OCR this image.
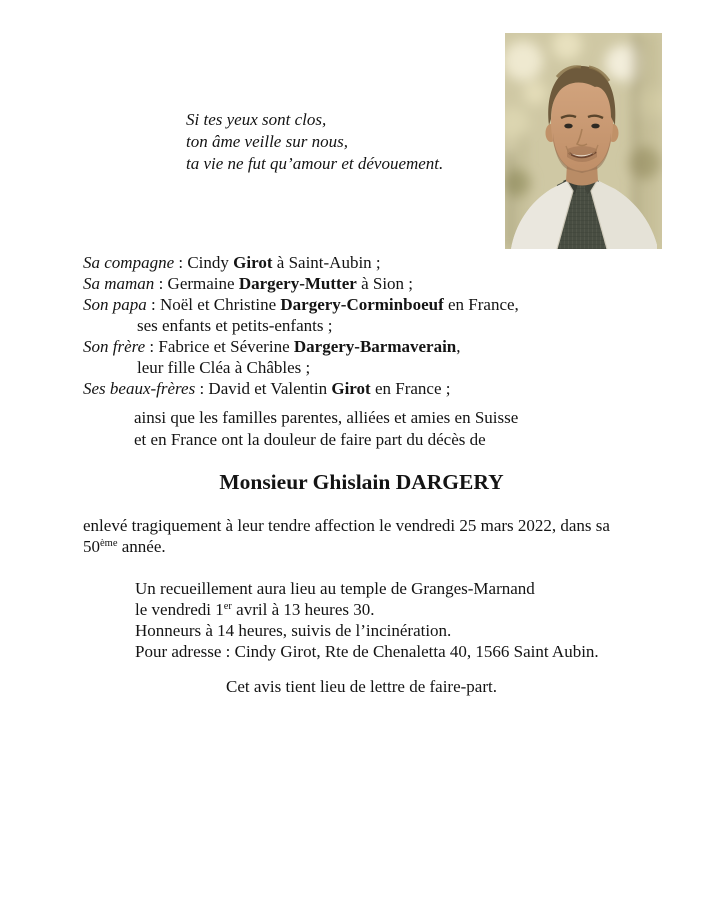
Si tes yeux sont clos,
ton âme veille sur nous,
ta vie ne fut qu’amour et dévouement.
Sa compagne : Cindy Girot à Saint-Aubin ;
Sa maman : Germaine Dargery-Mutter à Sion ;
Son papa : Noël et Christine Dargery-Corminboeuf en France,
ses enfants et petits-enfants ;
Son frère : Fabrice et Séverine Dargery-Barmaverain,
leur fille Cléa à Châbles ;
Ses beaux-frères : David et Valentin Girot en France ;
ainsi que les familles parentes, alliées et amies en Suisse
et en France ont la douleur de faire part du décès de
Monsieur Ghislain DARGERY
enlevé tragiquement à leur tendre affection le vendredi 25 mars 2022, dans sa
50ème année.
Un recueillement aura lieu au temple de Granges-Marnand
le vendredi 1er avril à 13 heures 30.
Honneurs à 14 heures, suivis de l’incinération.
Pour adresse : Cindy Girot, Rte de Chenaletta 40, 1566 Saint Aubin.
Cet avis tient lieu de lettre de faire-part.
